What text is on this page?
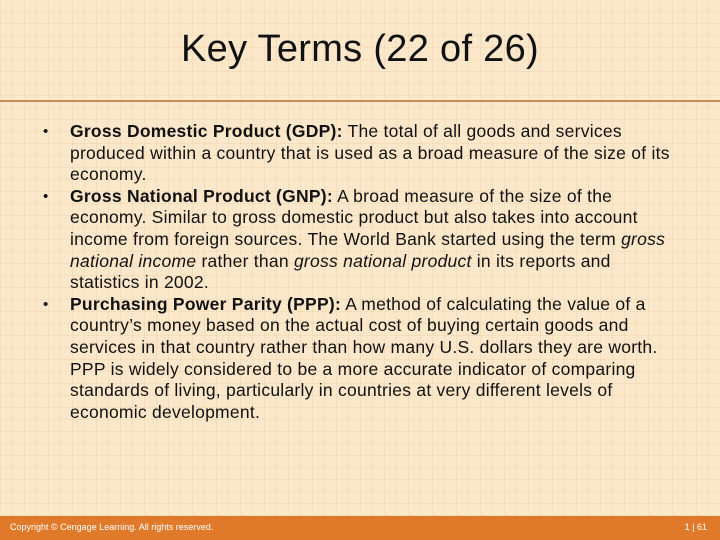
Key Terms (22 of 26)
•	Gross Domestic Product (GDP): The total of all goods and services produced within a country that is used as a broad measure of the size of its economy.
•	Gross National Product (GNP): A broad measure of the size of the economy. Similar to gross domestic product but also takes into account income from foreign sources. The World Bank started using the term gross national income rather than gross national product in its reports and statistics in 2002.
•	Purchasing Power Parity (PPP): A method of calculating the value of a country’s money based on the actual cost of buying certain goods and services in that country rather than how many U.S. dollars they are worth. PPP is widely considered to be a more accurate indicator of comparing standards of living, particularly in countries at very different levels of economic development.
Copyright © Cengage Learning. All rights reserved.	1 | 61
